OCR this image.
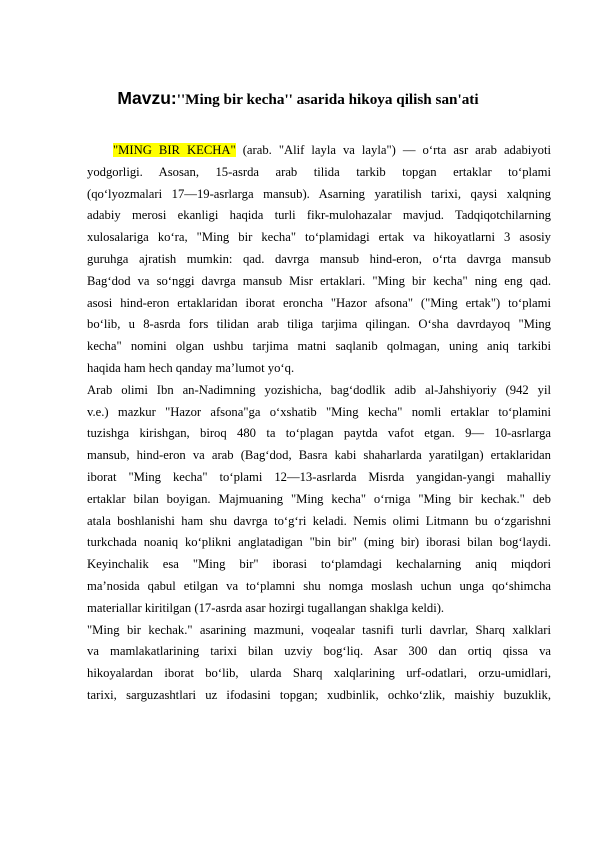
Mavzu:''Ming bir kecha'' asarida hikoya qilish san'ati
"MING BIR KECHA" (arab. "Alif layla va layla") — o‘rta asr arab adabiyoti
yodgorligi. Asosan, 15-asrda arab tilida tarkib topgan ertaklar to‘plami
(qo‘lyozmalari 17—19-asrlarga mansub). Asarning yaratilish tarixi, qaysi xalqning
adabiy merosi ekanligi haqida turli fikr-mulohazalar mavjud. Tadqiqotchilarning
xulosalariga ko‘ra, "Ming bir kecha" to‘plamidagi ertak va hikoyatlarni 3 asosiy
guruhga ajratish mumkin: qad. davrga mansub hind-eron, o‘rta davrga mansub
Bag‘dod va so‘nggi davrga mansub Misr ertaklari. "Ming bir kecha" ning eng qad.
asosi hind-eron ertaklaridan iborat eroncha "Hazor afsona" ("Ming ertak") to‘plami
bo‘lib, u 8-asrda fors tilidan arab tiliga tarjima qilingan. O‘sha davrdayoq "Ming
kecha" nomini olgan ushbu tarjima matni saqlanib qolmagan, uning aniq tarkibi
haqida ham hech qanday ma’lumot yo‘q.
Arab olimi Ibn an-Nadimning yozishicha, bag‘dodlik adib al-Jahshiyoriy (942 yil
v.e.) mazkur "Hazor afsona"ga o‘xshatib "Ming kecha" nomli ertaklar to‘plamini
tuzishga kirishgan, biroq 480 ta to‘plagan paytda vafot etgan. 9— 10-asrlarga
mansub, hind-eron va arab (Bag‘dod, Basra kabi shaharlarda yaratilgan) ertaklaridan
iborat "Ming kecha" to‘plami 12—13-asrlarda Misrda yangidan-yangi mahalliy
ertaklar bilan boyigan. Majmuaning "Ming kecha" o‘rniga "Ming bir kechak." deb
atala boshlanishi ham shu davrga to‘g‘ri keladi. Nemis olimi Litmann bu o‘zgarishni
turkchada noaniq ko‘plikni anglatadigan "bin bir" (ming bir) iborasi bilan bog‘laydi.
Keyinchalik esa "Ming bir" iborasi to‘plamdagi kechalarning aniq miqdori
ma’nosida qabul etilgan va to‘plamni shu nomga moslash uchun unga qo‘shimcha
materiallar kiritilgan (17-asrda asar hozirgi tugallangan shaklga keldi).
"Ming bir kechak." asarining mazmuni, voqealar tasnifi turli davrlar, Sharq xalklari
va mamlakatlarining tarixi bilan uzviy bog‘liq. Asar 300 dan ortiq qissa va
hikoyalardan iborat bo‘lib, ularda Sharq xalqlarining urf-odatlari, orzu-umidlari,
tarixi, sarguzashtlari uz ifodasini topgan; xudbinlik, ochko‘zlik, maishiy buzuklik,
